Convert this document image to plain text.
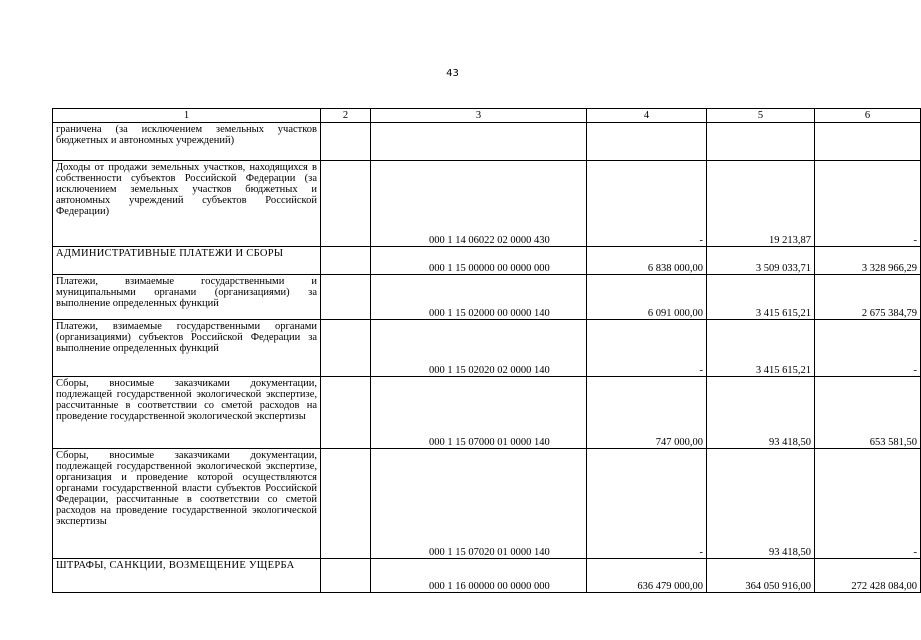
43
1	2	3	4	5	6
граничена (за исключением земельных участков бюджетных и автономных учреждений)					
Доходы от продажи земельных участков, находящихся в собственности субъектов Российской Федерации (за исключением земельных участков бюджетных и автономных учреждений субъектов Российской Федерации)		000 1 14 06022 02 0000 430	-	19 213,87	-
АДМИНИСТРАТИВНЫЕ ПЛАТЕЖИ И СБОРЫ		000 1 15 00000 00 0000 000	6 838 000,00	3 509 033,71	3 328 966,29
Платежи, взимаемые государственными и муниципальными органами (организациями) за выполнение определенных функций		000 1 15 02000 00 0000 140	6 091 000,00	3 415 615,21	2 675 384,79
Платежи, взимаемые государственными органами (организациями) субъектов Российской Федерации за выполнение определенных функций		000 1 15 02020 02 0000 140	-	3 415 615,21	-
Сборы, вносимые заказчиками документации, подлежащей государственной экологической экспертизе, рассчитанные в соответствии со сметой расходов на проведение государственной экологической экспертизы		000 1 15 07000 01 0000 140	747 000,00	93 418,50	653 581,50
Сборы, вносимые заказчиками документации, подлежащей государственной экологической экспертизе, организация и проведение которой осуществляются органами государственной власти субъектов Российской Федерации, рассчитанные в соответствии со сметой расходов на проведение государственной экологической экспертизы		000 1 15 07020 01 0000 140	-	93 418,50	-
ШТРАФЫ, САНКЦИИ, ВОЗМЕЩЕНИЕ УЩЕРБА		000 1 16 00000 00 0000 000	636 479 000,00	364 050 916,00	272 428 084,00
